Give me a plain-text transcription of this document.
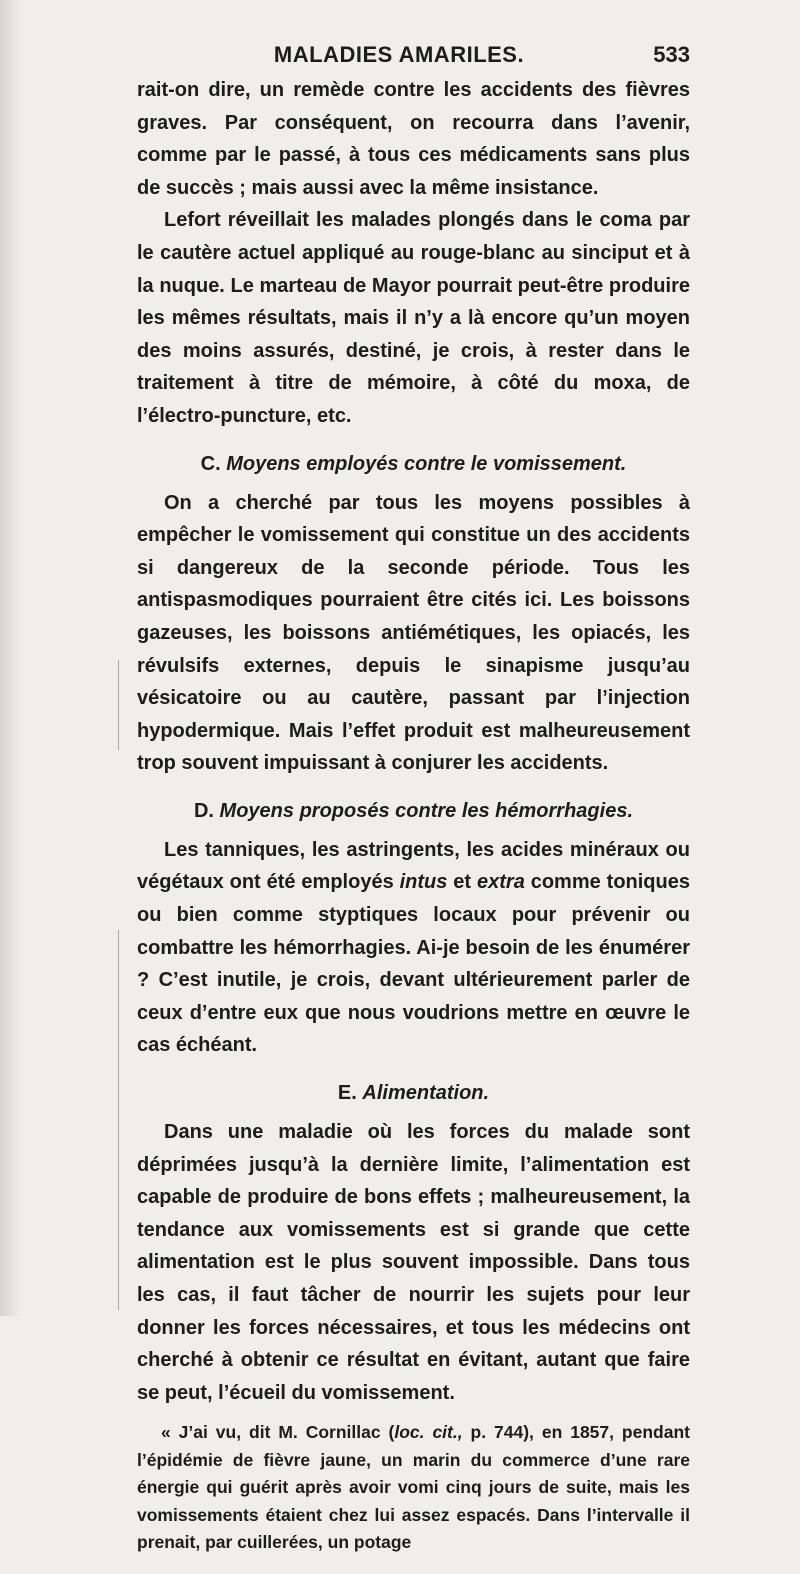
MALADIES AMARILES.	533

rait-on dire, un remède contre les accidents des fièvres graves. Par conséquent, on recourra dans l’avenir, comme par le passé, à tous ces médicaments sans plus de succès ; mais aussi avec la même insistance.

Lefort réveillait les malades plongés dans le coma par le cautère actuel appliqué au rouge-blanc au sinciput et à la nuque. Le marteau de Mayor pourrait peut-être produire les mêmes résultats, mais il n’y a là encore qu’un moyen des moins assurés, destiné, je crois, à rester dans le traitement à titre de mémoire, à côté du moxa, de l’électro-puncture, etc.

C. Moyens employés contre le vomissement.

On a cherché par tous les moyens possibles à empêcher le vomissement qui constitue un des accidents si dangereux de la seconde période. Tous les antispasmodiques pourraient être cités ici. Les boissons gazeuses, les boissons antiémétiques, les opiacés, les révulsifs externes, depuis le sinapisme jusqu’au vésicatoire ou au cautère, passant par l’injection hypodermique. Mais l’effet produit est malheureusement trop souvent impuissant à conjurer les accidents.

D. Moyens proposés contre les hémorrhagies.

Les tanniques, les astringents, les acides minéraux ou végétaux ont été employés intus et extra comme toniques ou bien comme styptiques locaux pour prévenir ou combattre les hémorrhagies. Ai-je besoin de les énumérer ? C’est inutile, je crois, devant ultérieurement parler de ceux d’entre eux que nous voudrions mettre en œuvre le cas échéant.

E. Alimentation.

Dans une maladie où les forces du malade sont déprimées jusqu’à la dernière limite, l’alimentation est capable de produire de bons effets ; malheureusement, la tendance aux vomissements est si grande que cette alimentation est le plus souvent impossible. Dans tous les cas, il faut tâcher de nourrir les sujets pour leur donner les forces nécessaires, et tous les médecins ont cherché à obtenir ce résultat en évitant, autant que faire se peut, l’écueil du vomissement.

« J’ai vu, dit M. Cornillac (loc. cit., p. 744), en 1857, pendant l’épidémie de fièvre jaune, un marin du commerce d’une rare énergie qui guérit après avoir vomi cinq jours de suite, mais les vomissements étaient chez lui assez espacés. Dans l’intervalle il prenait, par cuillerées, un potage
